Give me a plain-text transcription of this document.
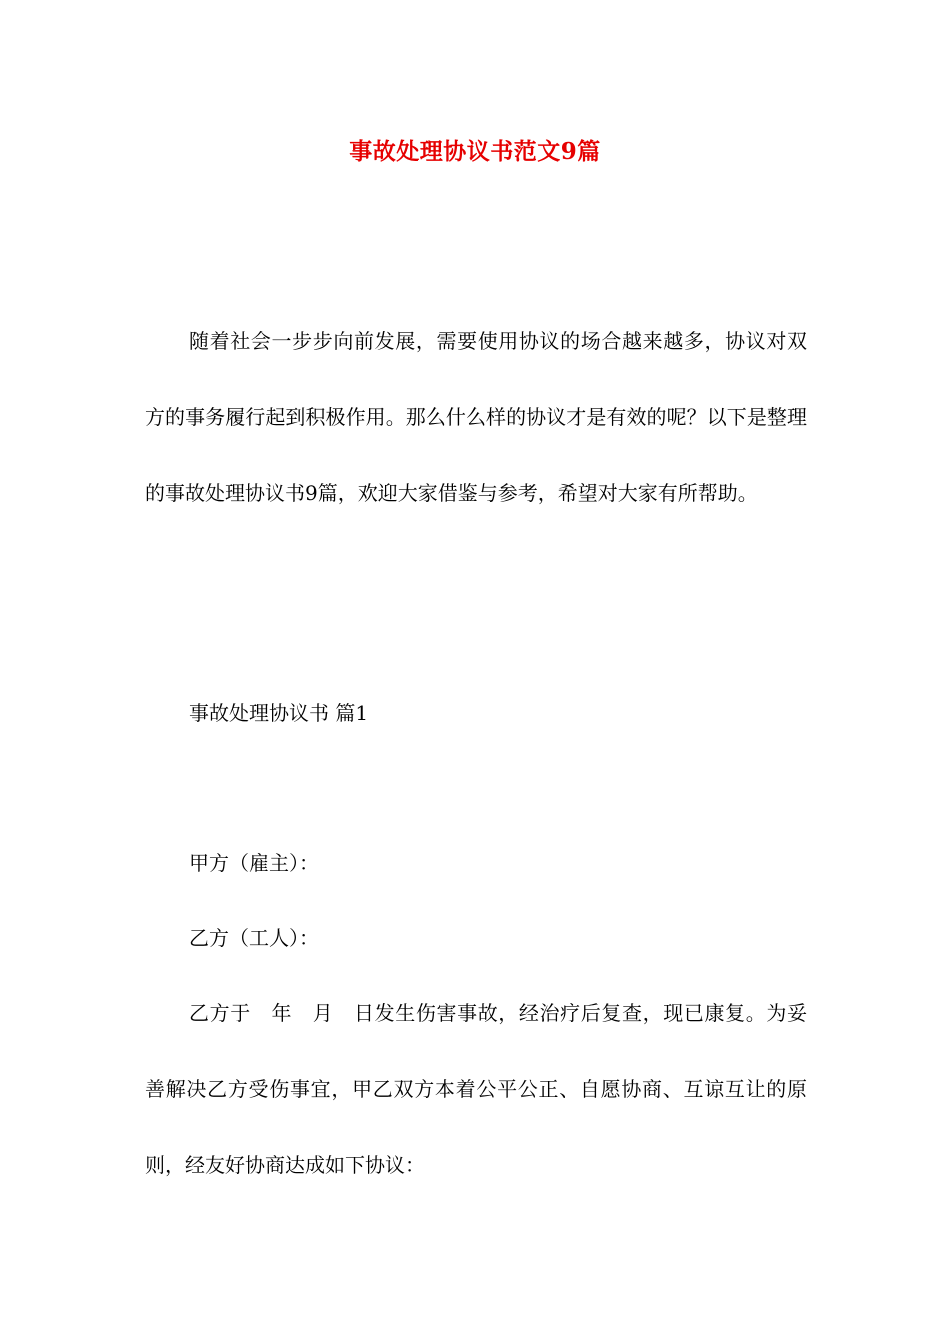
事故处理协议书范文9篇

随着社会一步步向前发展，需要使用协议的场合越来越多，协议对双方的事务履行起到积极作用。那么什么样的协议才是有效的呢？以下是整理的事故处理协议书9篇，欢迎大家借鉴与参考，希望对大家有所帮助。

事故处理协议书 篇1

甲方（雇主）：

乙方（工人）：

乙方于　年　月　日发生伤害事故，经治疗后复查，现已康复。为妥善解决乙方受伤事宜，甲乙双方本着公平公正、自愿协商、互谅互让的原则，经友好协商达成如下协议：
